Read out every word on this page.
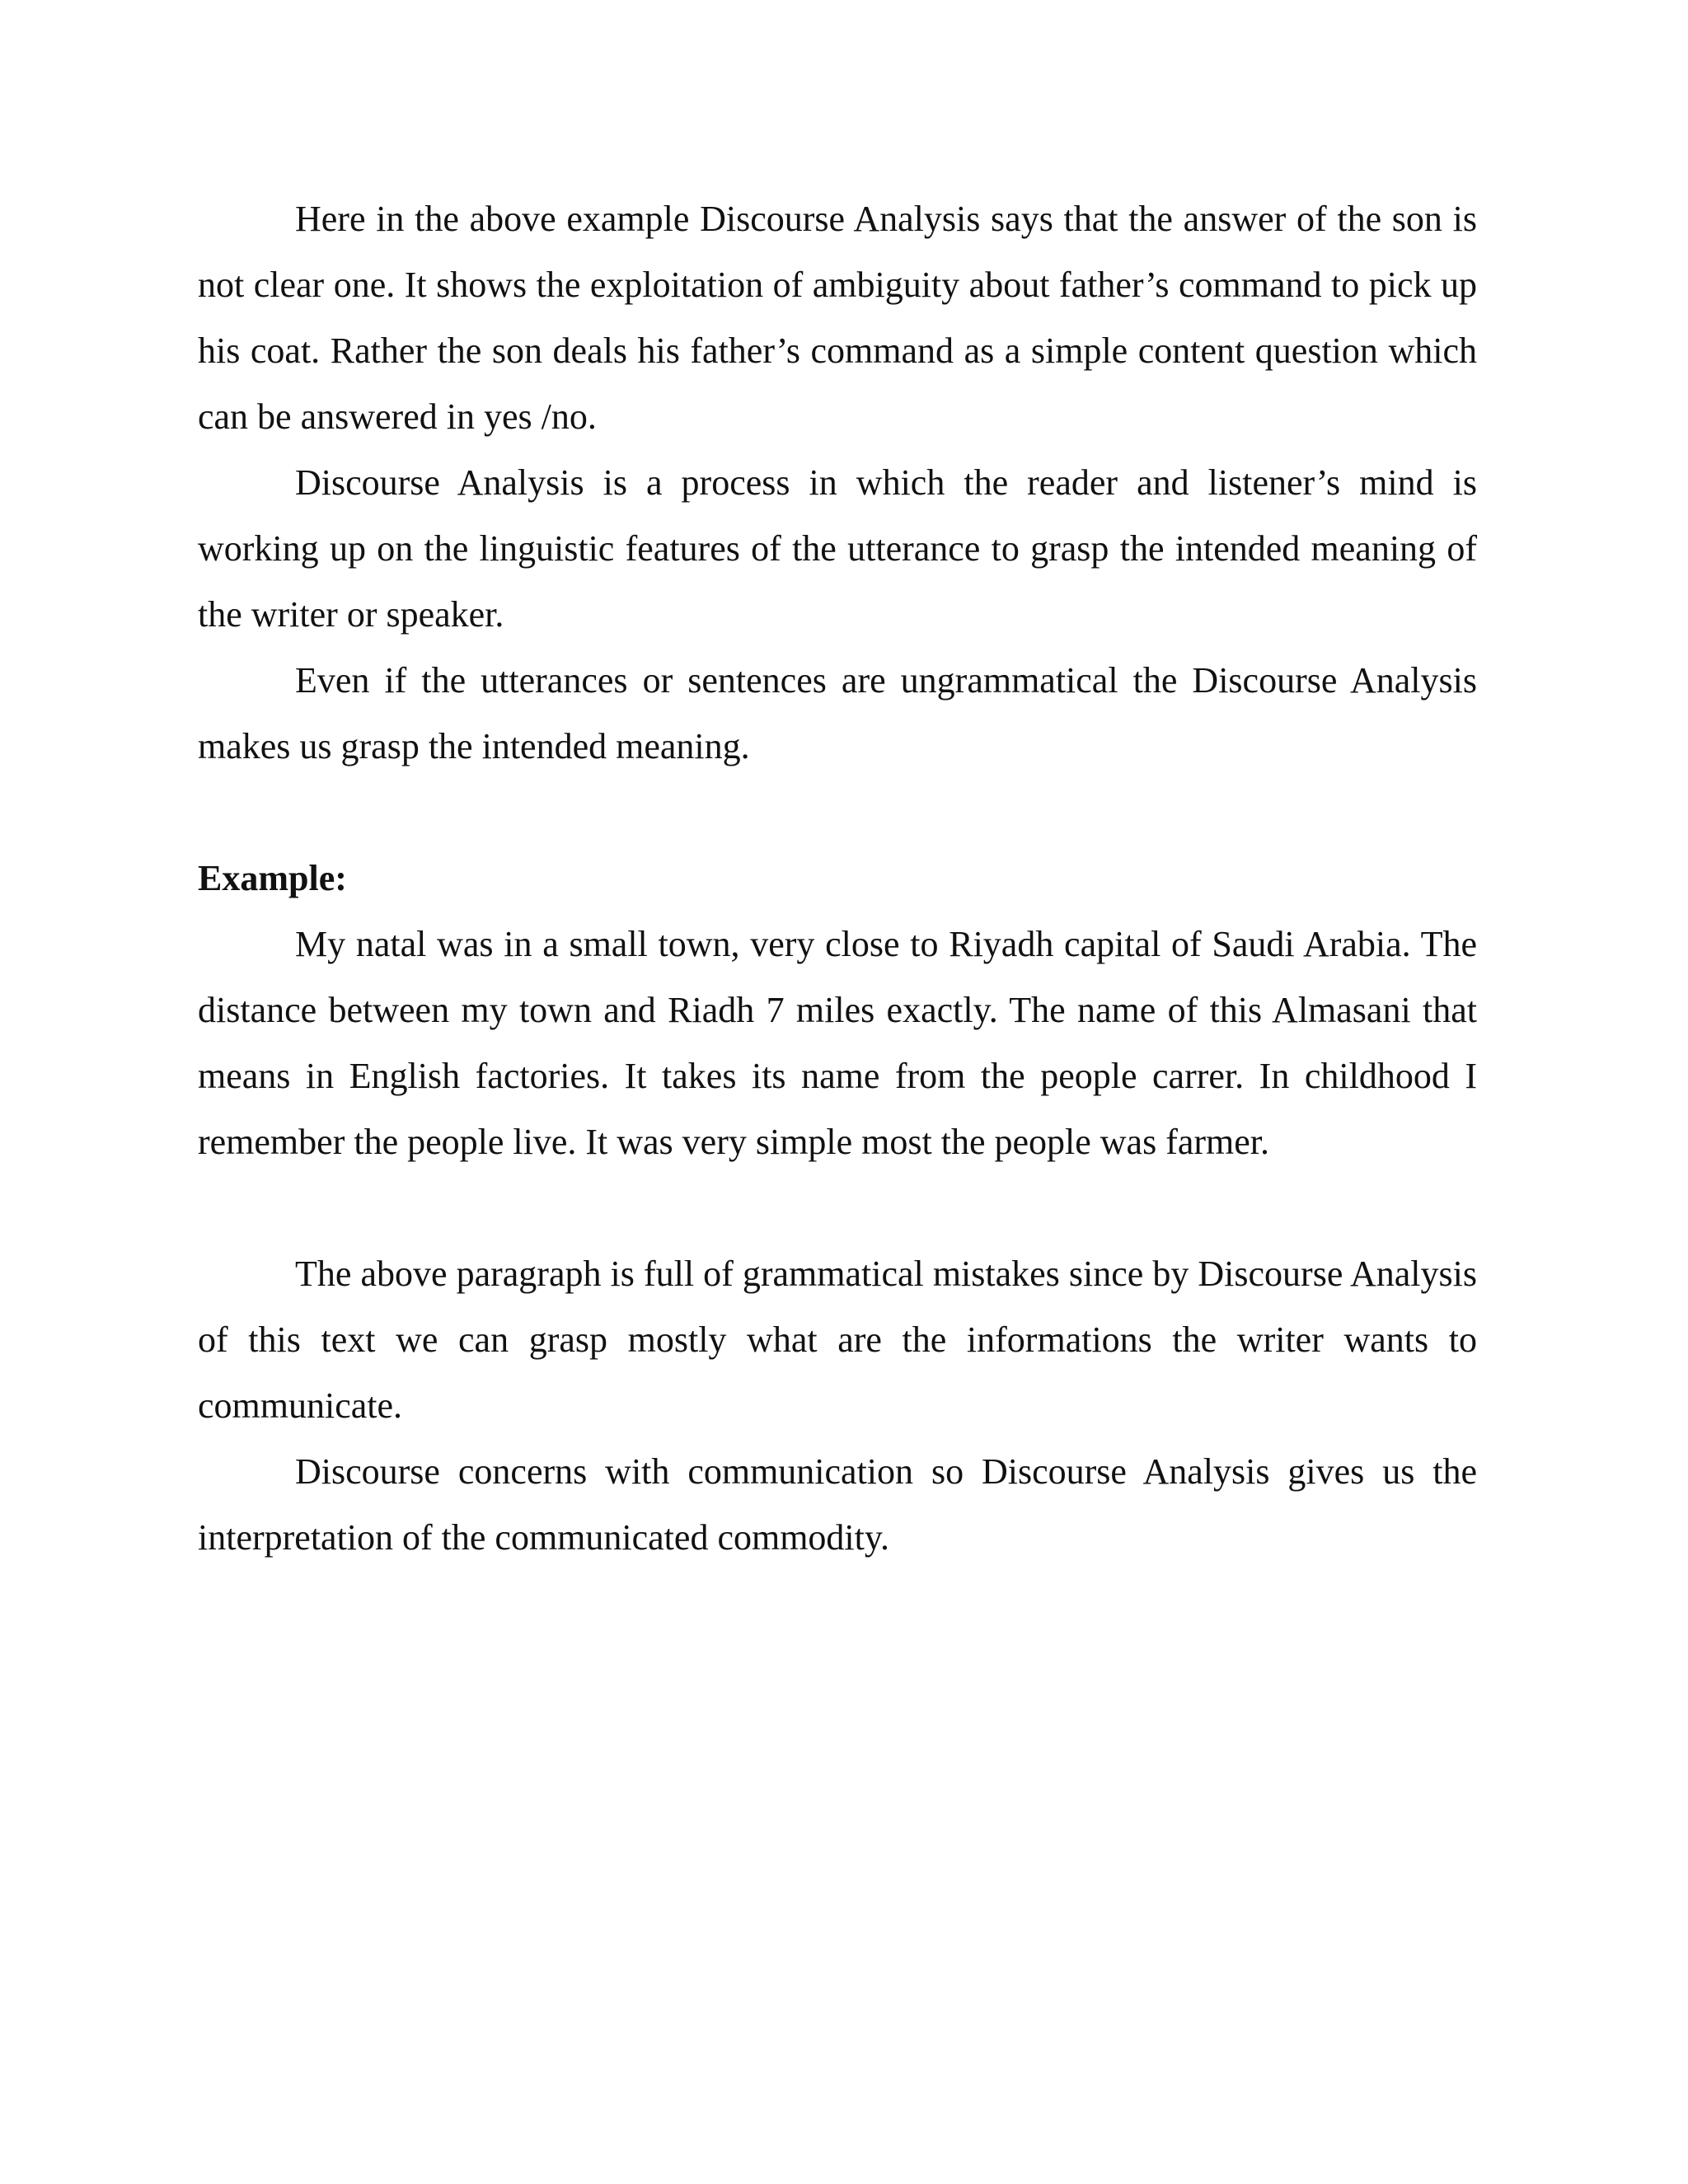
Here in the above example Discourse Analysis says that the answer of the son is not clear one. It shows the exploitation of ambiguity about father’s command to pick up his coat. Rather the son deals his father’s command as a simple content question which can be answered in yes /no.

Discourse Analysis is a process in which the reader and listener’s mind is working up on the linguistic features of the utterance to grasp the intended meaning of the writer or speaker.

Even if the utterances or sentences are ungrammatical the Discourse Analysis makes us grasp the intended meaning.

Example:

My natal was in a small town, very close to Riyadh capital of Saudi Arabia. The distance between my town and Riadh 7 miles exactly. The name of this Almasani that means in English factories. It takes its name from the people carrer. In childhood I remember the people live. It was very simple most the people was farmer.

The above paragraph is full of grammatical mistakes since by Discourse Analysis of this text we can grasp mostly what are the informations the writer wants to communicate.

Discourse concerns with communication so Discourse Analysis gives us the interpretation of the communicated commodity.
